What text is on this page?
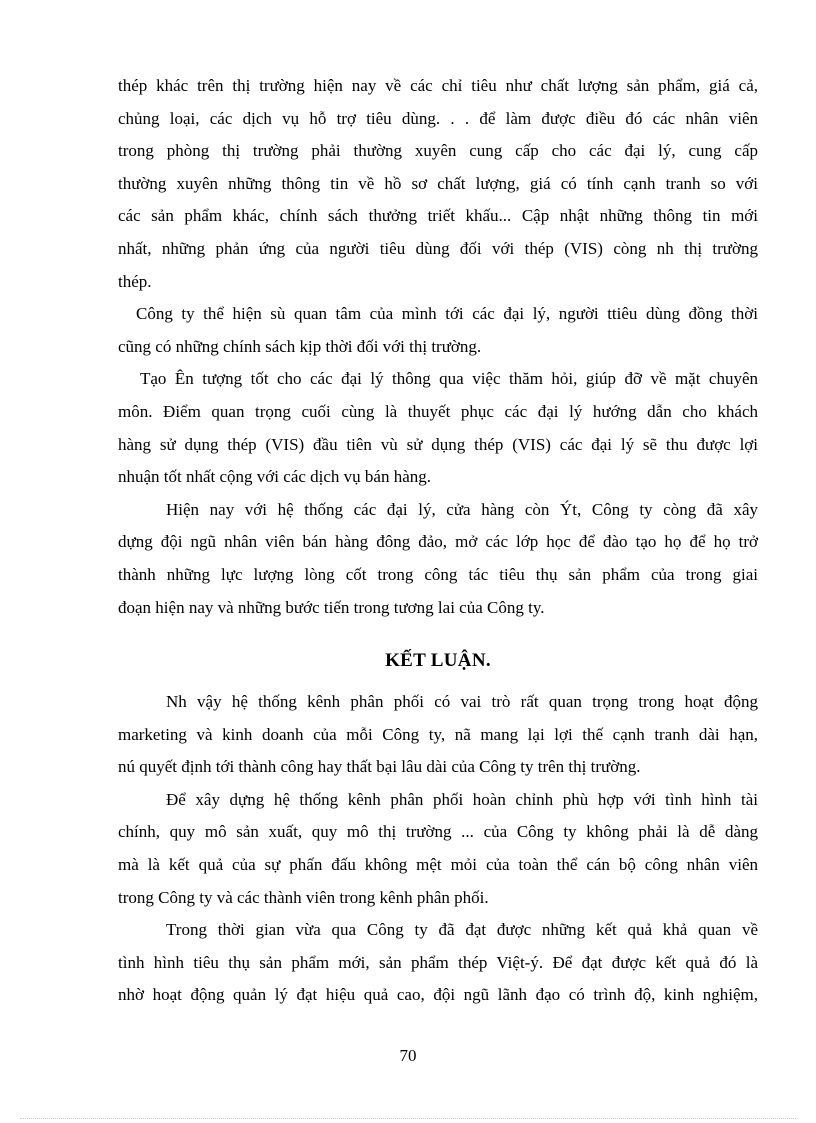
thép khác trên thị trường hiện nay về các chỉ tiêu như chất lượng sản phẩm, giá cả,
chủng loại, các dịch vụ hỗ trợ tiêu dùng. . . để làm được điều đó các nhân viên
trong phòng thị trường phải thường xuyên cung cấp cho các đại lý, cung cấp
thường xuyên những thông tin về hồ sơ chất lượng, giá có tính cạnh tranh so với
các sản phẩm khác, chính sách thưởng triết khấu... Cập nhật những thông tin mới
nhất, những phản ứng của người tiêu dùng đối với thép (VIS) còng nh thị trường
thép.

Công ty thể hiện sù quan tâm của mình tới các đại lý, người ttiêu dùng đồng thời
cũng có những chính sách kịp thời đối với thị trường.

Tạo Ên tượng tốt cho các đại lý thông qua việc thăm hỏi, giúp đỡ về mặt chuyên
môn. Điểm quan trọng cuối cùng là thuyết phục các đại lý hướng dẫn cho khách
hàng sử dụng thép (VIS) đầu tiên vù sử dụng thép (VIS) các đại lý sẽ thu được lợi
nhuận tốt nhất cộng với các dịch vụ bán hàng.

Hiện nay với hệ thống các đại lý, cửa hàng còn Ýt, Công ty còng đã xây
dựng đội ngũ nhân viên bán hàng đông đảo, mở các lớp học để đào tạo họ để họ trở
thành những lực lượng lòng cốt trong công tác tiêu thụ sản phẩm của trong giai
đoạn hiện nay và những bước tiến trong tương lai của Công ty.

KẾT LUẬN.

Nh vậy hệ thống kênh phân phối có vai trò rất quan trọng trong hoạt động
marketing và kinh doanh của mỗi Công ty, nã mang lại lợi thế cạnh tranh dài hạn,
nú quyết định tới thành công hay thất bại lâu dài của Công ty trên thị trường.

Để xây dựng hệ thống kênh phân phối hoàn chỉnh phù hợp với tình hình tài
chính, quy mô sản xuất, quy mô thị trường ... của Công ty không phải là dễ dàng
mà là kết quả của sự phấn đấu không mệt mỏi của toàn thể cán bộ công nhân viên
trong Công ty và các thành viên trong kênh phân phối.

Trong thời gian vừa qua Công ty đã đạt được những kết quả khả quan về
tình hình tiêu thụ sản phẩm mới, sản phẩm thép Việt-ý. Để đạt được kết quả đó là
nhờ hoạt động quản lý đạt hiệu quả cao, đội ngũ lãnh đạo có trình độ, kinh nghiệm,

70
